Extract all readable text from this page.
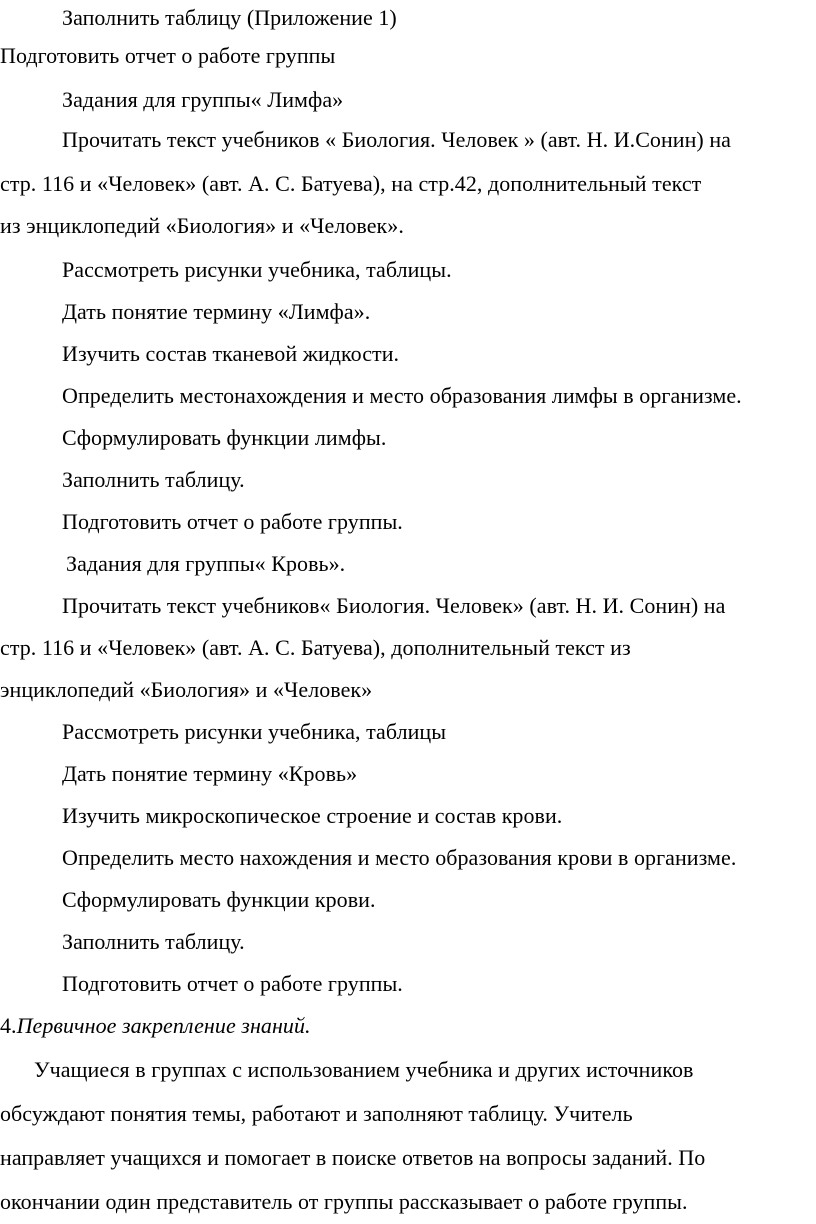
Заполнить таблицу (Приложение 1)
Подготовить отчет о работе группы
Задания для группы« Лимфа»
Прочитать текст учебников « Биология. Человек » (авт. Н. И.Сонин) на
стр. 116 и «Человек» (авт. А. С. Батуева), на стр.42, дополнительный текст
из энциклопедий «Биология» и «Человек».
Рассмотреть рисунки учебника, таблицы.
Дать понятие термину «Лимфа».
Изучить состав тканевой жидкости.
Определить местонахождения и место образования лимфы в организме.
Сформулировать функции лимфы.
Заполнить таблицу.
Подготовить отчет о работе группы.
Задания для группы« Кровь».
Прочитать текст учебников« Биология. Человек» (авт. Н. И. Сонин) на
стр. 116 и «Человек» (авт. А. С. Батуева), дополнительный текст из
энциклопедий «Биология» и «Человек»
Рассмотреть рисунки учебника, таблицы
Дать понятие термину «Кровь»
Изучить микроскопическое строение и состав крови.
Определить место нахождения и место образования крови в организме.
Сформулировать функции крови.
Заполнить таблицу.
Подготовить отчет о работе группы.
4.Первичное закрепление знаний.
Учащиеся в группах с использованием учебника и других источников
обсуждают понятия темы, работают и заполняют таблицу. Учитель
направляет учащихся и помогает в поиске ответов на вопросы заданий. По
окончании один представитель от группы рассказывает о работе группы.
